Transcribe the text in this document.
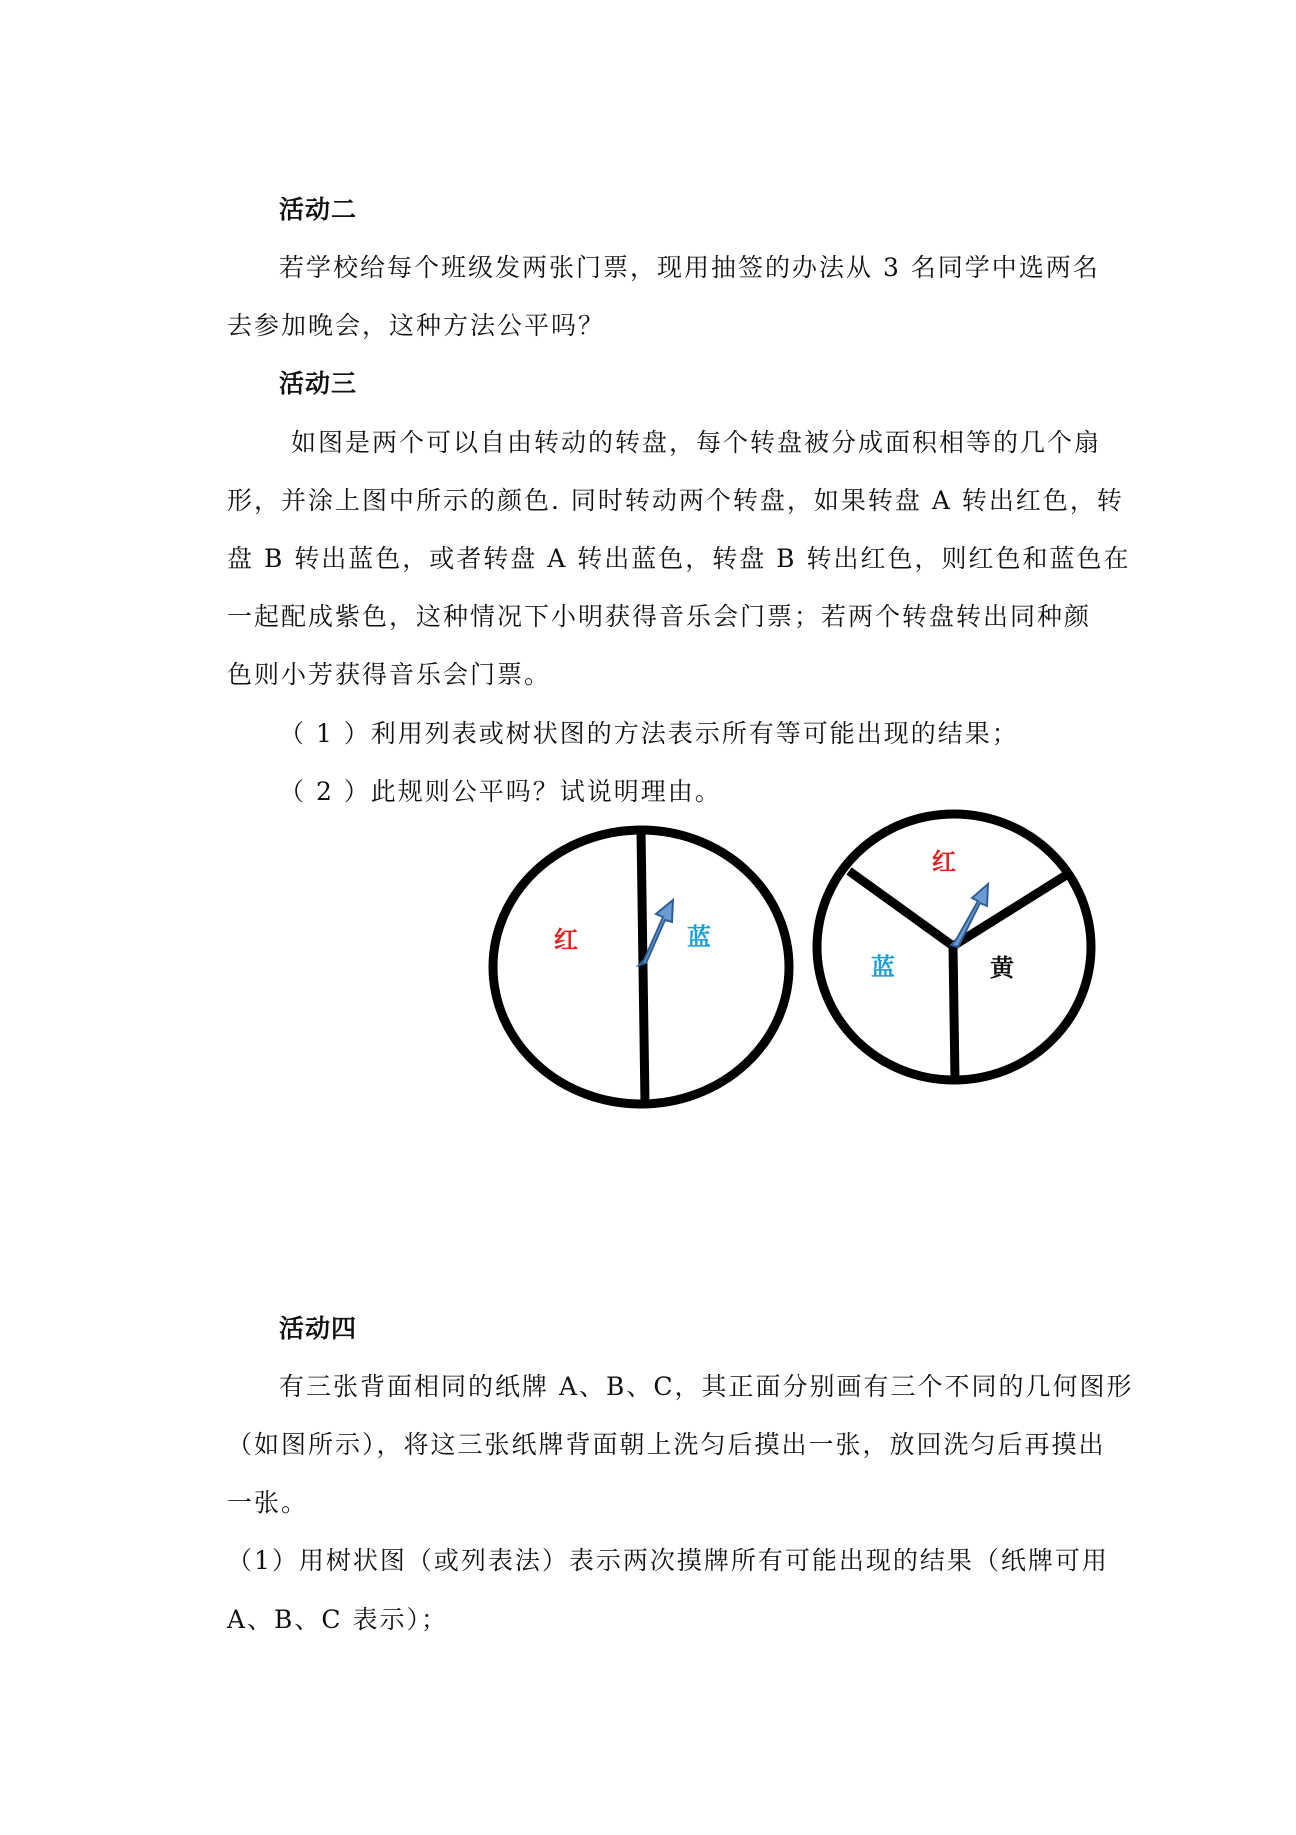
活动二
若学校给每个班级发两张门票，现用抽签的办法从 3 名同学中选两名
去参加晚会，这种方法公平吗？
活动三
如图是两个可以自由转动的转盘，每个转盘被分成面积相等的几个扇
形，并涂上图中所示的颜色. 同时转动两个转盘，如果转盘 A 转出红色，转
盘 B 转出蓝色，或者转盘 A 转出蓝色，转盘 B 转出红色，则红色和蓝色在
一起配成紫色，这种情况下小明获得音乐会门票；若两个转盘转出同种颜
色则小芳获得音乐会门票。
（ 1 ）利用列表或树状图的方法表示所有等可能出现的结果；
（ 2 ）此规则公平吗？试说明理由。
红	蓝
红
蓝	黄
活动四
有三张背面相同的纸牌 A、B、C，其正面分别画有三个不同的几何图形
（如图所示），将这三张纸牌背面朝上洗匀后摸出一张，放回洗匀后再摸出
一张。
（1）用树状图（或列表法）表示两次摸牌所有可能出现的结果（纸牌可用
A、B、C 表示）；
